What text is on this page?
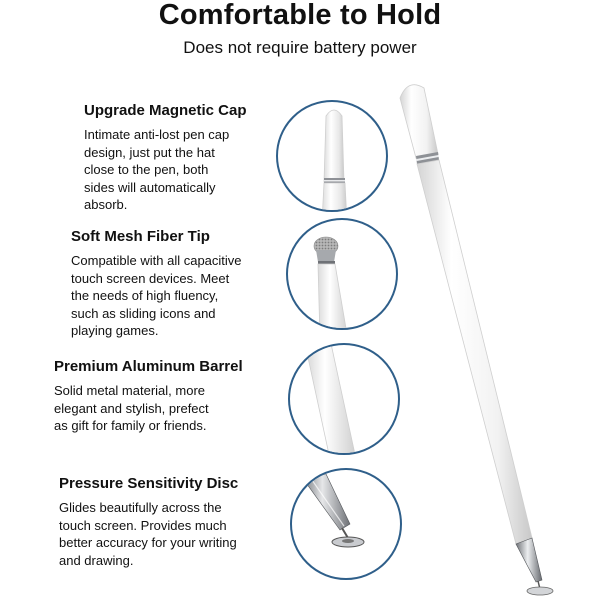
Comfortable to Hold
Does not require battery power
Upgrade Magnetic Cap

Intimate anti-lost pen cap
design, just put the hat
close to the pen, both
sides will automatically
absorb.

Soft Mesh Fiber Tip

Compatible with all capacitive
touch screen devices. Meet
the needs of high fluency,
such as sliding icons and
playing games.

Premium Aluminum Barrel

Solid metal material, more
elegant and stylish, prefect
as gift for family or friends.

Pressure Sensitivity Disc

Glides beautifully across the
touch screen. Provides much
better accuracy for your writing
and drawing.
